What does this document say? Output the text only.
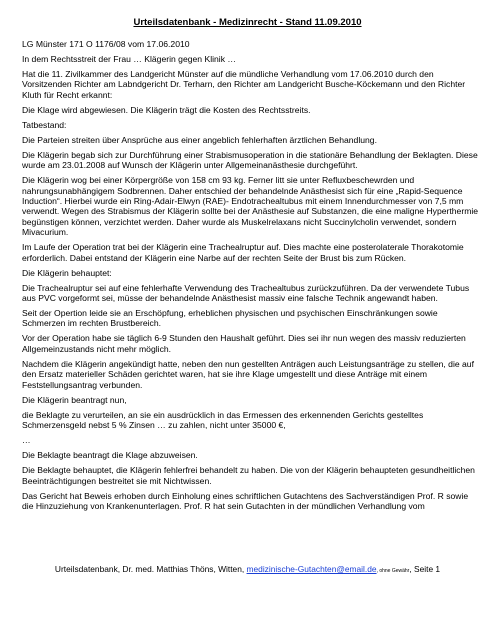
Urteilsdatenbank - Medizinrecht - Stand 11.09.2010

LG Münster 171 O 1176/08 vom 17.06.2010

In dem Rechtsstreit der Frau … Klägerin gegen Klinik …

Hat die 11. Zivilkammer des Landgericht Münster auf die mündliche Verhandlung vom 17.06.2010 durch den Vorsitzenden Richter am Labndgericht Dr. Terharn, den Richter am Landgericht Busche-Köckemann und den Richter Kluth für Recht erkannt:

Die Klage wird abgewiesen. Die Klägerin trägt die Kosten des Rechtsstreits.

Tatbestand:

Die Parteien streiten über Ansprüche aus einer angeblich fehlerhaften ärztlichen Behandlung.

Die Klägerin begab sich zur Durchführung einer Strabismusoperation in die stationäre Behandlung der Beklagten. Diese wurde am 23.01.2008 auf Wunsch der Klägerin unter Allgemeinanästhesie durchgeführt.

Die Klägerin wog bei einer Körpergröße von 158 cm 93 kg. Ferner litt sie unter Refluxbeschewrden und nahrungsunabhängigem Sodbrennen. Daher entschied der behandelnde Anästhesist sich für eine „Rapid-Sequence Induction“. Hierbei wurde ein Ring-Adair-Elwyn (RAE)- Endotrachealtubus mit einem Innendurchmesser von 7,5 mm verwendt. Wegen des Strabismus der Klägerin sollte bei der Anästhesie auf Substanzen, die eine maligne Hyperthermie begünstigen können, verzichtet werden. Daher wurde als Muskelrelaxans nicht Succinylcholin verwendet, sondern Mivacurium.

Im Laufe der Operation trat bei der Klägerin eine Trachealruptur auf. Dies machte eine posterolaterale Thorakotomie erforderlich. Dabei entstand der Klägerin eine Narbe auf der rechten Seite der Brust bis zum Rücken.

Die Klägerin behauptet:

Die Trachealruptur sei auf eine fehlerhafte Verwendung des Trachealtubus zurückzuführen. Da der verwendete Tubus aus PVC vorgeformt sei, müsse der behandelnde Anästhesist massiv eine falsche Technik angewandt haben.

Seit der Opertion leide sie an Erschöpfung, erheblichen physischen und psychischen Einschränkungen sowie Schmerzen im rechten Brustbereich.

Vor der Operation habe sie täglich 6-9 Stunden den Haushalt geführt. Dies sei ihr nun wegen des massiv reduzierten Allgemeinzustands nicht mehr möglich.

Nachdem die Klägerin angekündigt hatte, neben den nun gestellten Anträgen auch Leistungsanträge zu stellen, die auf den Ersatz materieller Schäden gerichtet waren, hat sie ihre Klage umgestellt und diese Anträge mit einem Feststellungsantrag verbunden.

Die Klägerin beantragt nun,

die Beklagte zu verurteilen, an sie ein ausdrücklich in das Ermessen des erkennenden Gerichts gestelltes Schmerzensgeld nebst 5 % Zinsen … zu zahlen, nicht unter 35000 €,

…

Die Beklagte beantragt die Klage abzuweisen.

Die Beklagte behauptet, die Klägerin fehlerfrei behandelt zu haben. Die von der Klägerin behaupteten gesundheitlichen Beeinträchtigungen bestreitet sie mit Nichtwissen.

Das Gericht hat Beweis erhoben durch Einholung eines schriftlichen Gutachtens des Sachverständigen Prof. R sowie die Hinzuziehung von Krankenunterlagen. Prof. R hat sein Gutachten in der mündlichen Verhandlung vom

Urteilsdatenbank, Dr. med. Matthias Thöns, Witten, medizinische-Gutachten@email.de, ohne Gewähr, Seite 1
